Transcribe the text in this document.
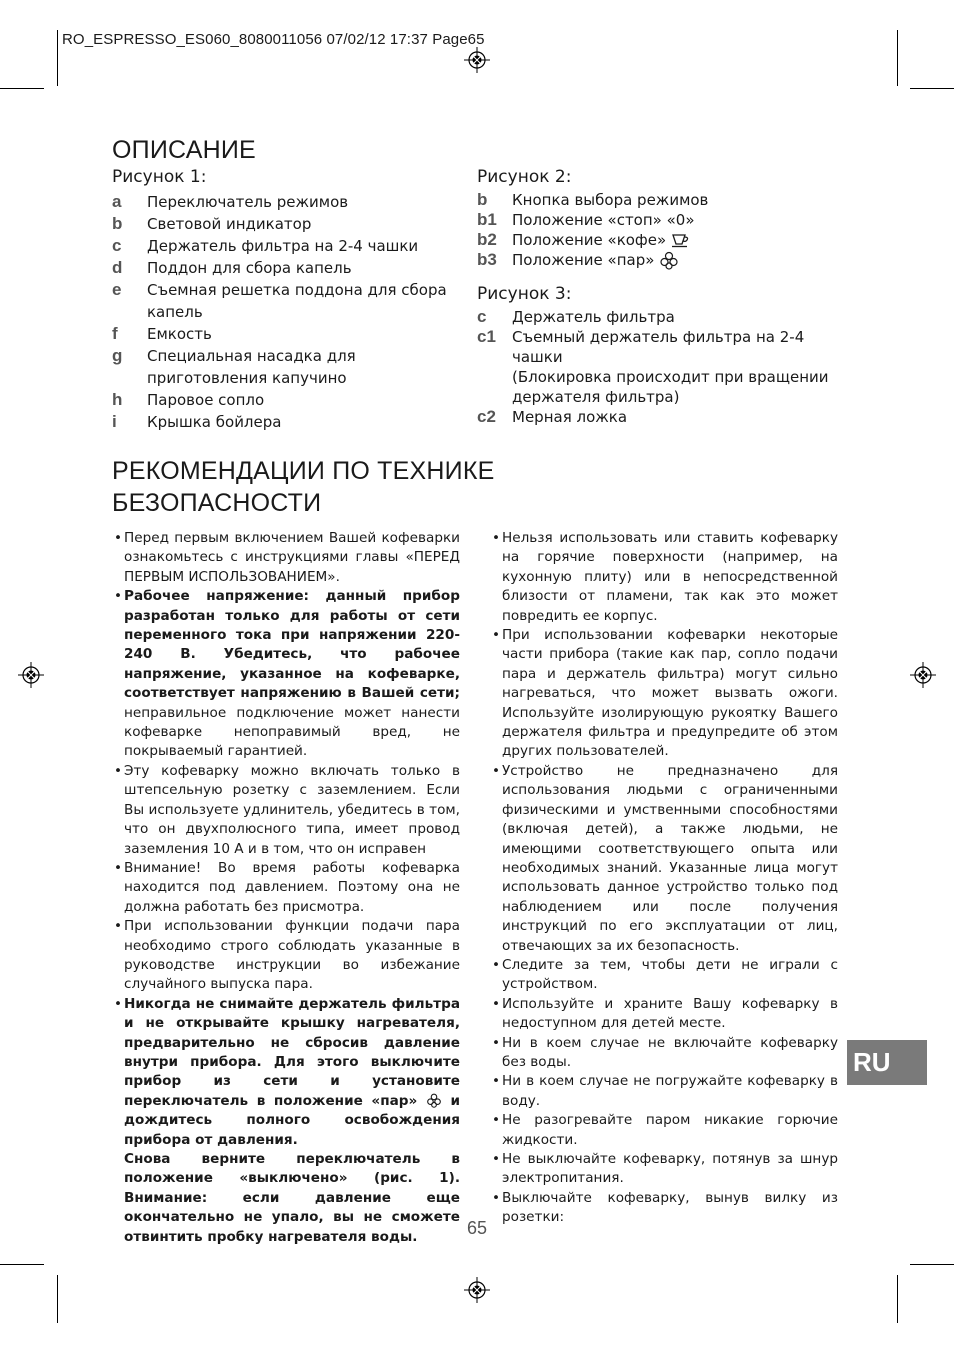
RO_ESPRESSO_ES060_8080011056 07/02/12 17:37 Page65
ОПИСАНИЕ
Рисунок 1:
a	Переключатель режимов
b	Световой индикатор
c	Держатель фильтра на 2-4 чашки
d	Поддон для сбора капель
e	Съемная решетка поддона для сбора капель
f	Емкость
g	Специальная насадка для приготовления капучино
h	Паровое сопло
i	Крышка бойлера
Рисунок 2:
b	Кнопка выбора режимов
b1	Положение «стоп» «0»
b2 Положение «кофе»
b3 Положение «пар»
Рисунок 3:
c	Держатель фильтра
c1	Съемный держатель фильтра на 2-4 чашки
(Блокировка происходит при вращении держателя фильтра)
c2	Мерная ложка
РЕКОМЕНДАЦИИ ПО ТЕХНИКЕ
БЕЗОПАСНОСТИ
• Перед первым включением Вашей кофеварки ознакомьтесь с инструкциями главы «ПЕРЕД ПЕРВЫМ ИСПОЛЬЗОВАНИЕМ».
• Рабочее напряжение: данный прибор разработан только для работы от сети переменного тока при напряжении 220-240 В. Убедитесь, что рабочее напряжение, указанное на кофеварке, соответствует напряжению в Вашей сети; неправильное подключение может нанести кофеварке непоправимый вред, не покрываемый гарантией.
• Эту кофеварку можно включать только в штепсельную розетку с заземлением. Если Вы используете удлинитель, убедитесь в том, что он двухполюсного типа, имеет провод заземления 10 А и в том, что он исправен
• Внимание! Во время работы кофеварка находится под давлением. Поэтому она не должна работать без присмотра.
• При использовании функции подачи пара необходимо строго соблюдать указанные в руководстве инструкции во избежание случайного выпуска пара.
• Никогда не снимайте держатель фильтра и не открывайте крышку нагревателя, предварительно не сбросив давление внутри прибора. Для этого выключите прибор из сети и установите переключатель в положение «пар»  и дождитесь полного освобождения прибора от давления.
Снова верните переключатель в положение «выключено» (рис. 1). Внимание: если давление еще окончательно не упало, вы не сможете отвинтить пробку нагревателя воды.
• Нельзя использовать или ставить кофеварку на горячие поверхности (например, на кухонную плиту) или в непосредственной близости от пламени, так как это может повредить ее корпус.
• При использовании кофеварки некоторые части прибора (такие как пар, сопло подачи пара и держатель фильтра) могут сильно нагреваться, что может вызвать ожоги. Используйте изолирующую рукоятку Вашего держателя фильтра и предупредите об этом других пользователей.
• Устройство не предназначено для использования людьми с ограниченными физическими и умственными способностями (включая детей), а также людьми, не имеющими соответствующего опыта или необходимых знаний. Указанные лица могут использовать данное устройство только под наблюдением или после получения инструкций по его эксплуатации от лиц, отвечающих за их безопасность.
• Следите за тем, чтобы дети не играли с устройством.
• Используйте и храните Вашу кофеварку в недоступном для детей месте.
• Ни в коем случае не включайте кофеварку без воды.
• Ни в коем случае не погружайте кофеварку в воду.
• Не разогревайте паром никакие горючие жидкости.
• Не выключайте кофеварку, потянув за шнур электропитания.
• Выключайте кофеварку, вынув вилку из розетки:
RU
65
